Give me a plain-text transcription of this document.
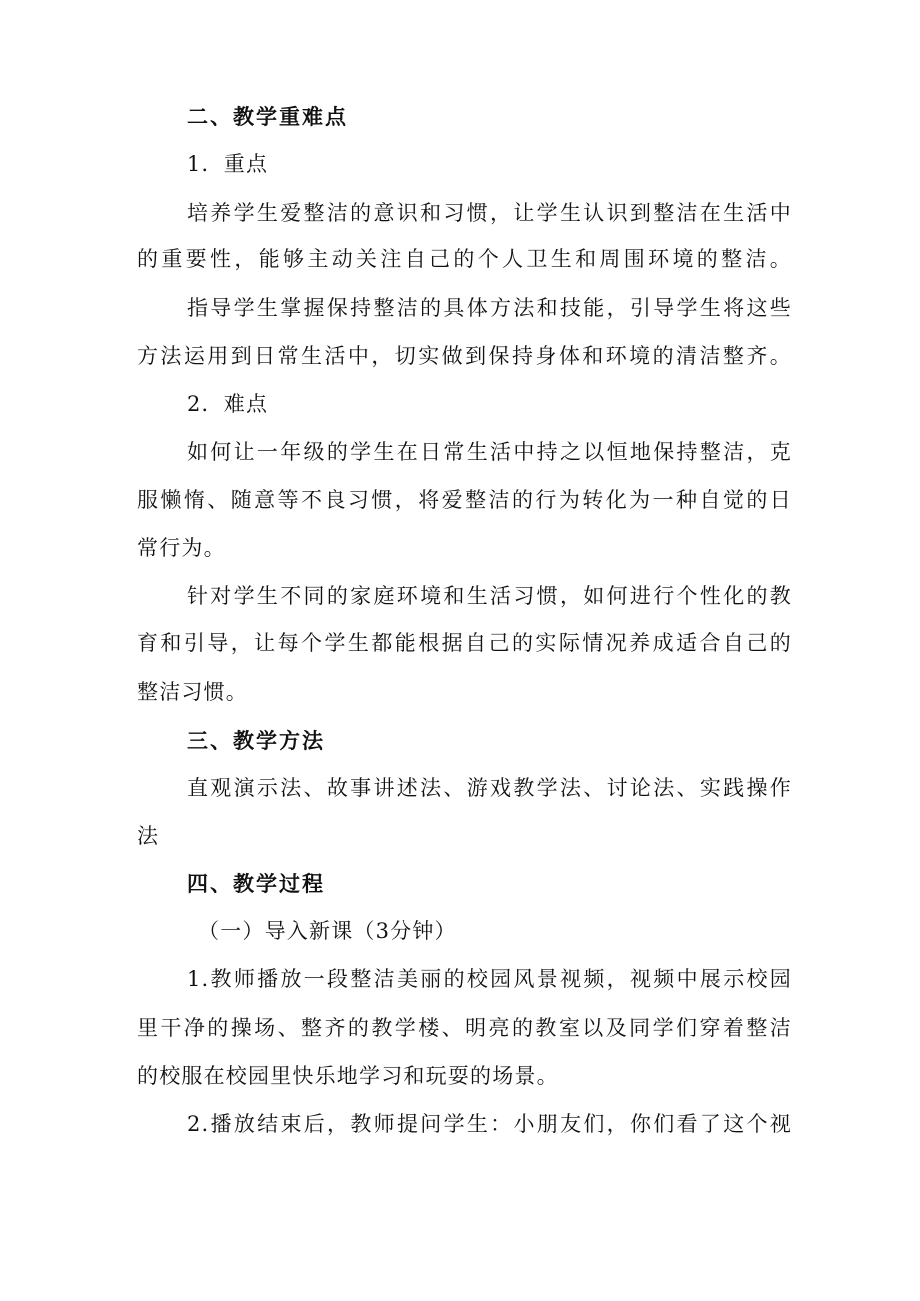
二、教学重难点
1．重点
培养学生爱整洁的意识和习惯，让学生认识到整洁在生活中
的重要性，能够主动关注自己的个人卫生和周围环境的整洁。
指导学生掌握保持整洁的具体方法和技能，引导学生将这些
方法运用到日常生活中，切实做到保持身体和环境的清洁整齐。
2．难点
如何让一年级的学生在日常生活中持之以恒地保持整洁，克
服懒惰、随意等不良习惯，将爱整洁的行为转化为一种自觉的日
常行为。
针对学生不同的家庭环境和生活习惯，如何进行个性化的教
育和引导，让每个学生都能根据自己的实际情况养成适合自己的
整洁习惯。
三、教学方法
直观演示法、故事讲述法、游戏教学法、讨论法、实践操作
法
四、教学过程
（一）导入新课（3分钟）
1.教师播放一段整洁美丽的校园风景视频，视频中展示校园
里干净的操场、整齐的教学楼、明亮的教室以及同学们穿着整洁
的校服在校园里快乐地学习和玩耍的场景。
2.播放结束后，教师提问学生：小朋友们，你们看了这个视
